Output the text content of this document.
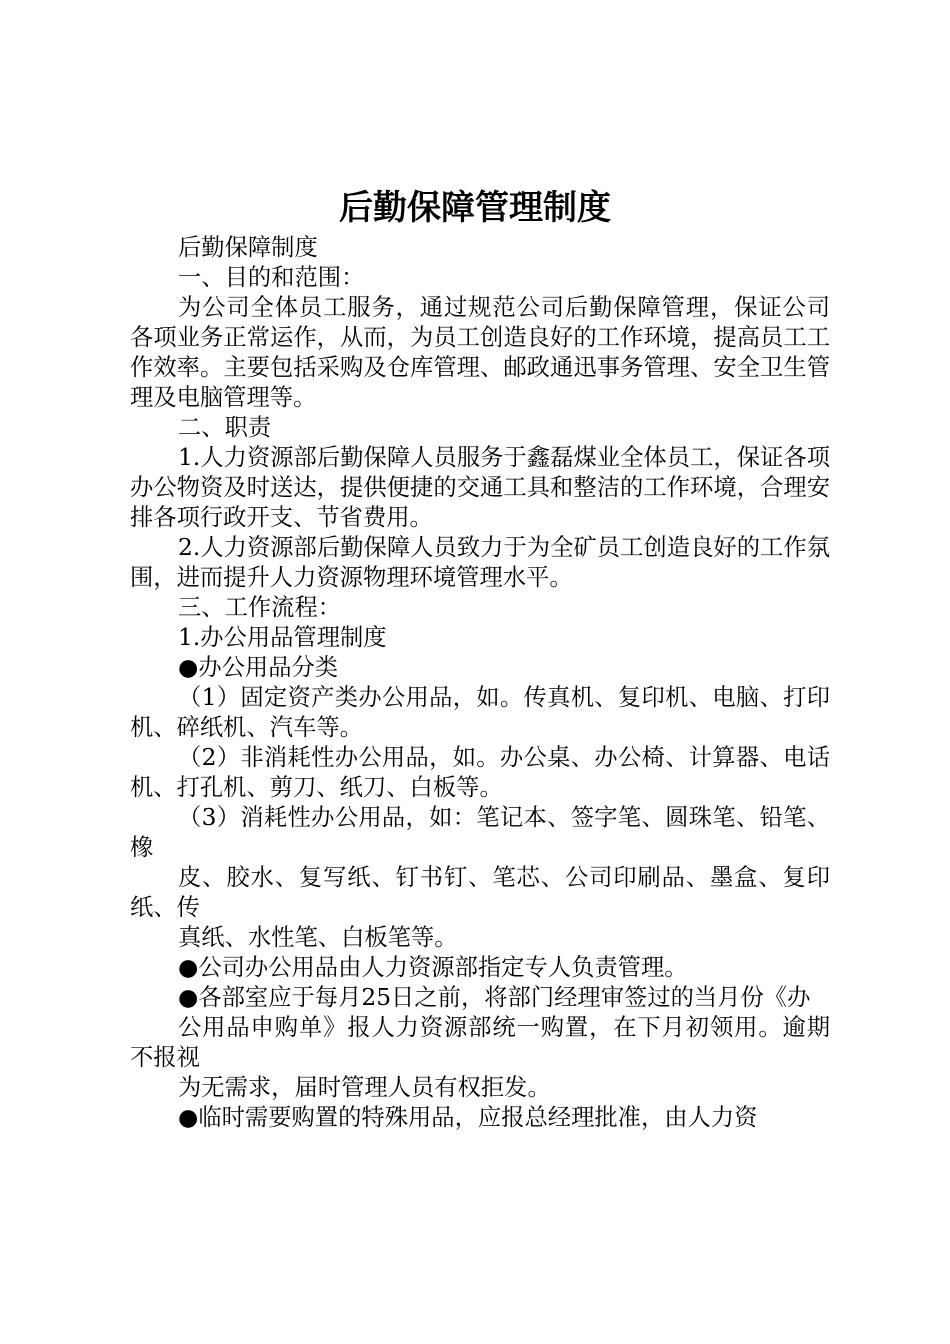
后勤保障管理制度

后勤保障制度

一、目的和范围：

为公司全体员工服务，通过规范公司后勤保障管理，保证公司各项业务正常运作，从而，为员工创造良好的工作环境，提高员工工作效率。主要包括采购及仓库管理、邮政通迅事务管理、安全卫生管理及电脑管理等。

二、职责

1.人力资源部后勤保障人员服务于鑫磊煤业全体员工，保证各项办公物资及时送达，提供便捷的交通工具和整洁的工作环境，合理安排各项行政开支、节省费用。

2.人力资源部后勤保障人员致力于为全矿员工创造良好的工作氛围，进而提升人力资源物理环境管理水平。

三、工作流程：

1.办公用品管理制度

●办公用品分类

（1）固定资产类办公用品，如。传真机、复印机、电脑、打印机、碎纸机、汽车等。

（2）非消耗性办公用品，如。办公桌、办公椅、计算器、电话机、打孔机、剪刀、纸刀、白板等。

（3）消耗性办公用品，如：笔记本、签字笔、圆珠笔、铅笔、橡

皮、胶水、复写纸、钉书钉、笔芯、公司印刷品、墨盒、复印纸、传

真纸、水性笔、白板笔等。

●公司办公用品由人力资源部指定专人负责管理。

●各部室应于每月25日之前，将部门经理审签过的当月份《办

公用品申购单》报人力资源部统一购置，在下月初领用。逾期不报视

为无需求，届时管理人员有权拒发。

●临时需要购置的特殊用品，应报总经理批准，由人力资
